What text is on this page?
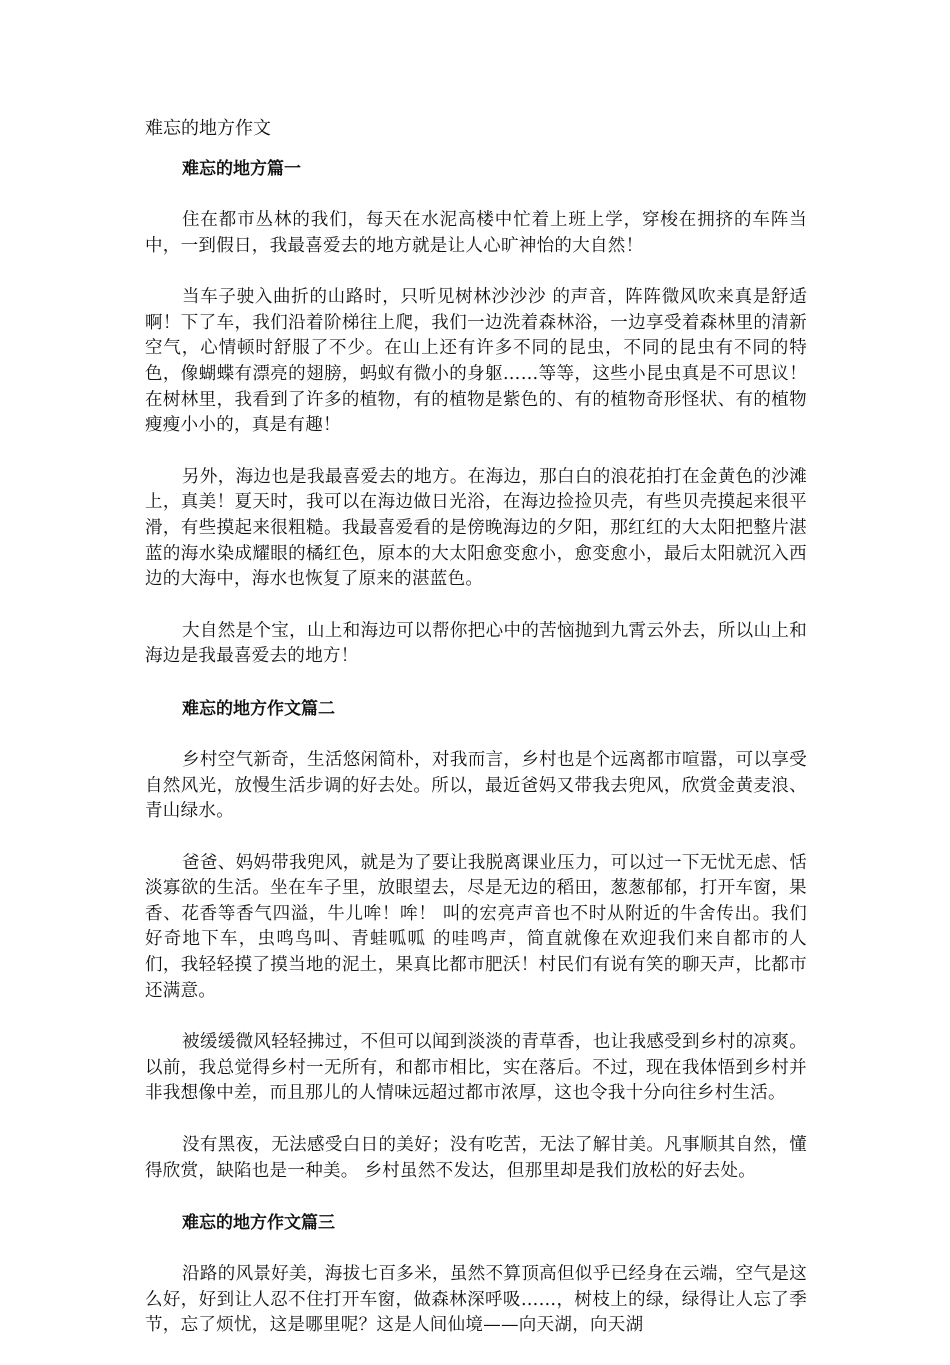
难忘的地方作文
难忘的地方篇一

住在都市丛林的我们，每天在水泥高楼中忙着上班上学，穿梭在拥挤的车阵当中，一到假日，我最喜爱去的地方就是让人心旷神怡的大自然！

当车子驶入曲折的山路时，只听见树林沙沙沙 的声音，阵阵微风吹来真是舒适啊！下了车，我们沿着阶梯往上爬，我们一边洗着森林浴，一边享受着森林里的清新空气，心情顿时舒服了不少。在山上还有许多不同的昆虫，不同的昆虫有不同的特色，像蝴蝶有漂亮的翅膀，蚂蚁有微小的身躯……等等，这些小昆虫真是不可思议！在树林里，我看到了许多的植物，有的植物是紫色的、有的植物奇形怪状、有的植物瘦瘦小小的，真是有趣！

另外，海边也是我最喜爱去的地方。在海边，那白白的浪花拍打在金黄色的沙滩上，真美！夏天时，我可以在海边做日光浴，在海边捡捡贝壳，有些贝壳摸起来很平滑，有些摸起来很粗糙。我最喜爱看的是傍晚海边的夕阳，那红红的大太阳把整片湛蓝的海水染成耀眼的橘红色，原本的大太阳愈变愈小，愈变愈小，最后太阳就沉入西边的大海中，海水也恢复了原来的湛蓝色。

大自然是个宝，山上和海边可以帮你把心中的苦恼抛到九霄云外去，所以山上和海边是我最喜爱去的地方！

难忘的地方作文篇二

乡村空气新奇，生活悠闲简朴，对我而言，乡村也是个远离都市喧嚣，可以享受自然风光，放慢生活步调的好去处。所以，最近爸妈又带我去兜风，欣赏金黄麦浪、青山绿水。

爸爸、妈妈带我兜风，就是为了要让我脱离课业压力，可以过一下无忧无虑、恬淡寡欲的生活。坐在车子里，放眼望去，尽是无边的稻田，葱葱郁郁，打开车窗，果香、花香等香气四溢，牛儿哞！哞！ 叫的宏亮声音也不时从附近的牛舍传出。我们好奇地下车，虫鸣鸟叫、青蛙呱呱 的哇鸣声，简直就像在欢迎我们来自都市的人们，我轻轻摸了摸当地的泥土，果真比都市肥沃！村民们有说有笑的聊天声，比都市还满意。

被缓缓微风轻轻拂过，不但可以闻到淡淡的青草香，也让我感受到乡村的凉爽。以前，我总觉得乡村一无所有，和都市相比，实在落后。不过，现在我体悟到乡村并非我想像中差，而且那儿的人情味远超过都市浓厚，这也令我十分向往乡村生活。

没有黑夜，无法感受白日的美好；没有吃苦，无法了解甘美。凡事顺其自然，懂得欣赏，缺陷也是一种美。 乡村虽然不发达，但那里却是我们放松的好去处。

难忘的地方作文篇三

沿路的风景好美，海拔七百多米，虽然不算顶高但似乎已经身在云端，空气是这么好，好到让人忍不住打开车窗，做森林深呼吸……，树枝上的绿，绿得让人忘了季节，忘了烦忧，这是哪里呢？这是人间仙境——向天湖，向天湖
